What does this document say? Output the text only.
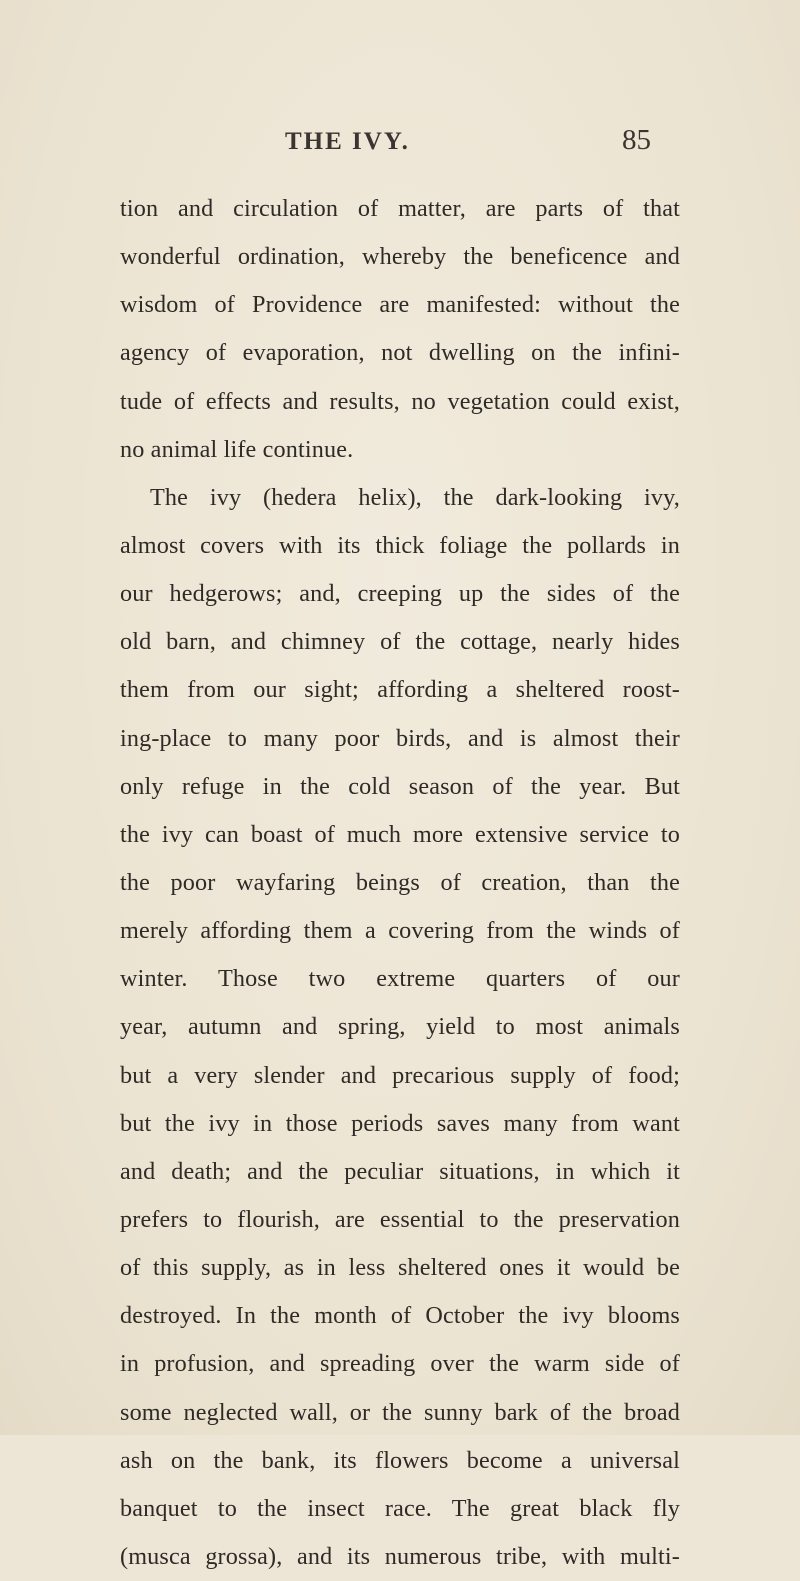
THE IVY.	85
tion and circulation of matter, are parts of that
wonderful ordination, whereby the beneficence and
wisdom of Providence are manifested: without the
agency of evaporation, not dwelling on the infini-
tude of effects and results, no vegetation could exist,
no animal life continue.
The ivy (hedera helix), the dark-looking ivy,
almost covers with its thick foliage the pollards in
our hedgerows; and, creeping up the sides of the
old barn, and chimney of the cottage, nearly hides
them from our sight; affording a sheltered roost-
ing-place to many poor birds, and is almost their
only refuge in the cold season of the year. But
the ivy can boast of much more extensive service to
the poor wayfaring beings of creation, than the
merely affording them a covering from the winds of
winter. Those two extreme quarters of our
year, autumn and spring, yield to most animals
but a very slender and precarious supply of food;
but the ivy in those periods saves many from want
and death; and the peculiar situations, in which it
prefers to flourish, are essential to the preservation
of this supply, as in less sheltered ones it would be
destroyed. In the month of October the ivy blooms
in profusion, and spreading over the warm side of
some neglected wall, or the sunny bark of the broad
ash on the bank, its flowers become a universal
banquet to the insect race. The great black fly
(musca grossa), and its numerous tribe, with multi-
